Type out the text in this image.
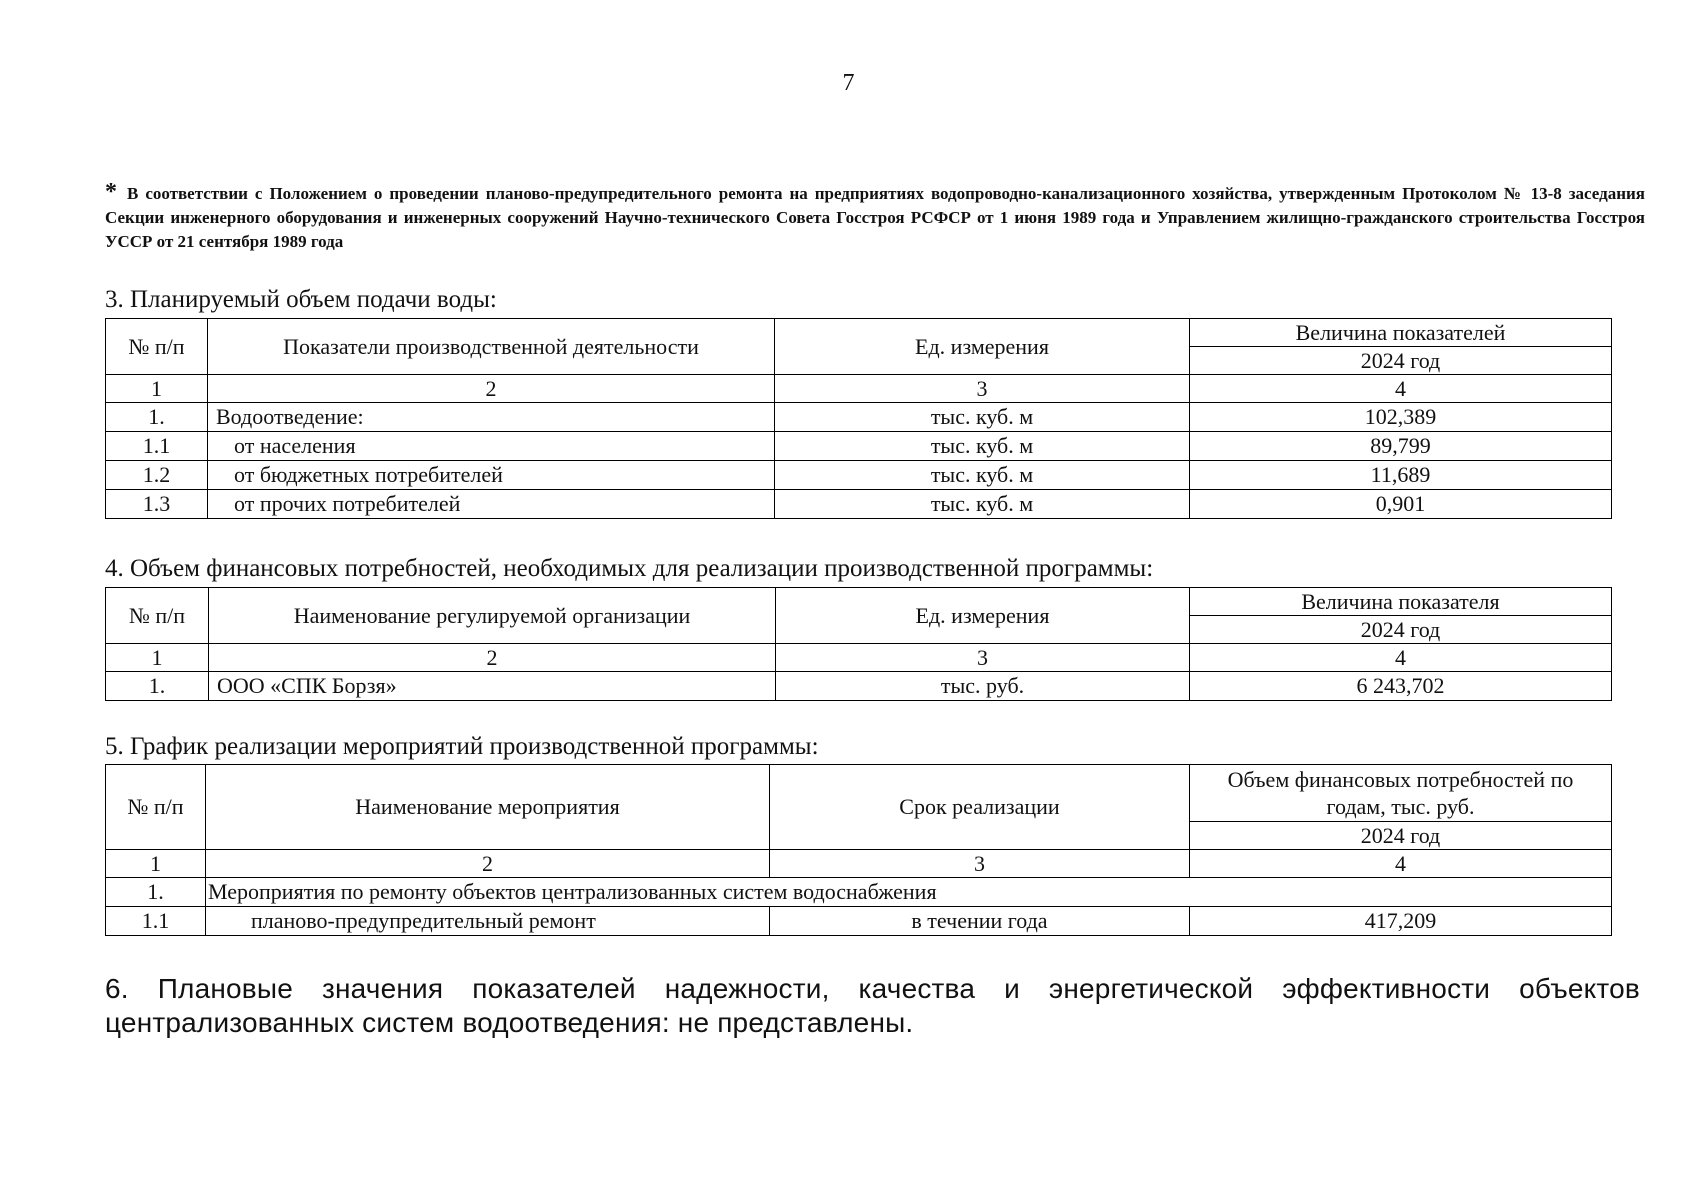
7
* В соответствии с Положением о проведении планово-предупредительного ремонта на предприятиях водопроводно-канализационного хозяйства, утвержденным Протоколом № 13-8 заседания Секции инженерного оборудования и инженерных сооружений Научно-технического Совета Госстроя РСФСР от 1 июня 1989 года и Управлением жилищно-гражданского строительства Госстроя УССР от 21 сентября 1989 года
3. Планируемый объем подачи воды:
№ п/п	Показатели производственной деятельности	Ед. измерения	Величина показателей
			2024 год
1	2	3	4
1.	Водоотведение:	тыс. куб. м	102,389
1.1	от населения	тыс. куб. м	89,799
1.2	от бюджетных потребителей	тыс. куб. м	11,689
1.3	от прочих потребителей	тыс. куб. м	0,901
4. Объем финансовых потребностей, необходимых для реализации производственной программы:
№ п/п	Наименование регулируемой организации	Ед. измерения	Величина показателя
			2024 год
1	2	3	4
1.	ООО «СПК Борзя»	тыс. руб.	6 243,702
5. График реализации мероприятий производственной программы:
№ п/п	Наименование мероприятия	Срок реализации	Объем финансовых потребностей по годам, тыс. руб.
			2024 год
1	2	3	4
1.	Мероприятия по ремонту объектов централизованных систем водоснабжения		
1.1	планово-предупредительный ремонт	в течении года	417,209
6. Плановые значения показателей надежности, качества и энергетической эффективности объектов централизованных систем водоотведения: не представлены.
